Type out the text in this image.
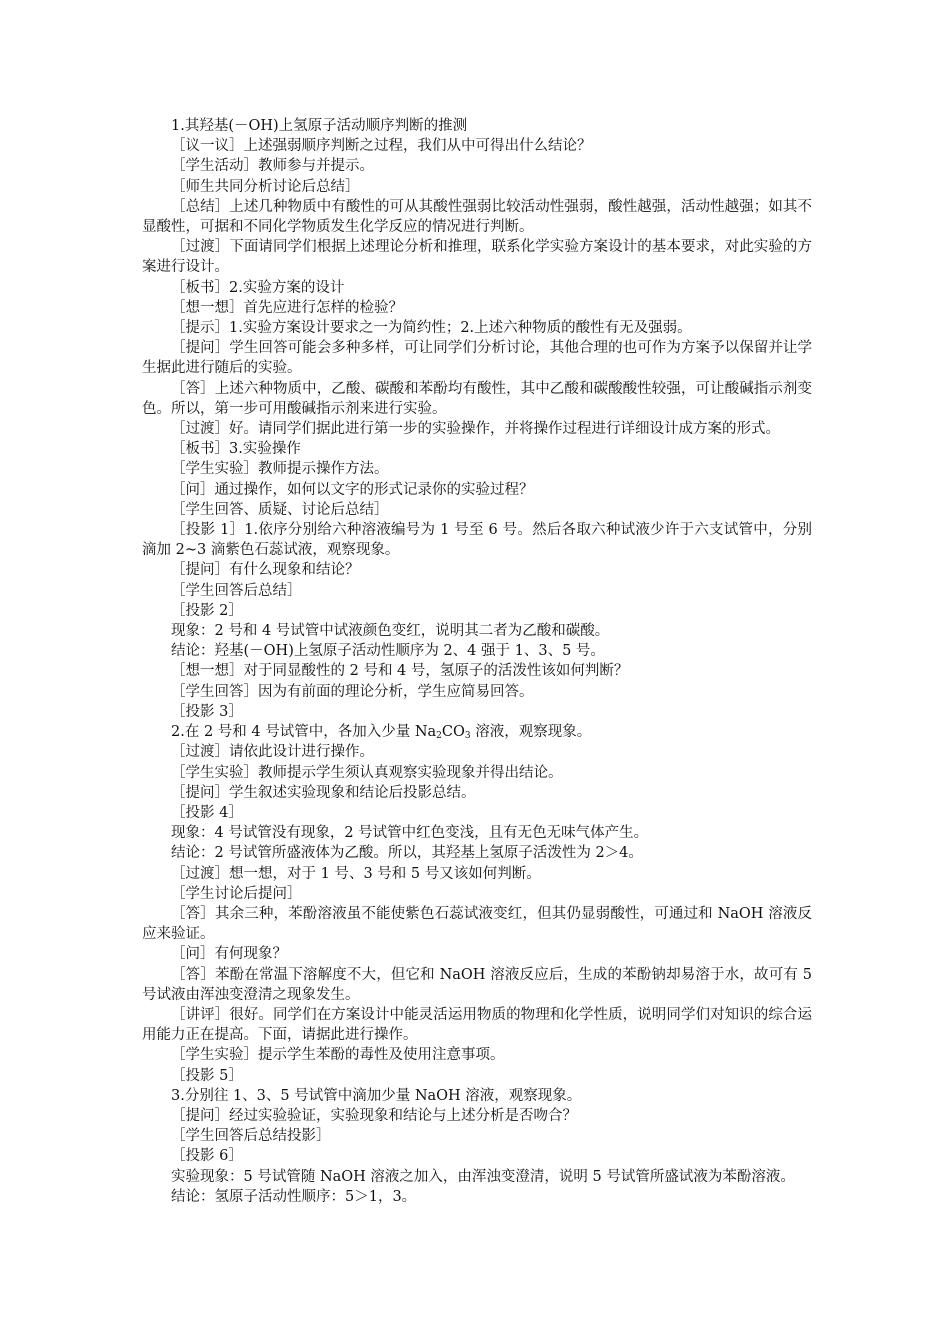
1.其羟基(－OH)上氢原子活动顺序判断的推测

［议一议］上述强弱顺序判断之过程，我们从中可得出什么结论？

［学生活动］教师参与并提示。

［师生共同分析讨论后总结］

［总结］上述几种物质中有酸性的可从其酸性强弱比较活动性强弱，酸性越强，活动性越强；如其不显酸性，可据和不同化学物质发生化学反应的情况进行判断。

［过渡］下面请同学们根据上述理论分析和推理，联系化学实验方案设计的基本要求，对此实验的方案进行设计。

［板书］2.实验方案的设计

［想一想］首先应进行怎样的检验？

［提示］1.实验方案设计要求之一为简约性；2.上述六种物质的酸性有无及强弱。

［提问］学生回答可能会多种多样，可让同学们分析讨论，其他合理的也可作为方案予以保留并让学生据此进行随后的实验。

［答］上述六种物质中，乙酸、碳酸和苯酚均有酸性，其中乙酸和碳酸酸性较强，可让酸碱指示剂变色。所以，第一步可用酸碱指示剂来进行实验。

［过渡］好。请同学们据此进行第一步的实验操作，并将操作过程进行详细设计成方案的形式。

［板书］3.实验操作

［学生实验］教师提示操作方法。

［问］通过操作，如何以文字的形式记录你的实验过程？

［学生回答、质疑、讨论后总结］

［投影 1］1.依序分别给六种溶液编号为 1 号至 6 号。然后各取六种试液少许于六支试管中，分别滴加 2~3 滴紫色石蕊试液，观察现象。

［提问］有什么现象和结论？

［学生回答后总结］

［投影 2］

现象：2 号和 4 号试管中试液颜色变红，说明其二者为乙酸和碳酸。

结论：羟基(－OH)上氢原子活动性顺序为 2、4 强于 1、3、5 号。

［想一想］对于同显酸性的 2 号和 4 号，氢原子的活泼性该如何判断？

［学生回答］因为有前面的理论分析，学生应简易回答。

［投影 3］

2.在 2 号和 4 号试管中，各加入少量 $Na_2CO_3$ 溶液，观察现象。

［过渡］请依此设计进行操作。

［学生实验］教师提示学生须认真观察实验现象并得出结论。

［提问］学生叙述实验现象和结论后投影总结。

［投影 4］

现象：4 号试管没有现象，2 号试管中红色变浅，且有无色无味气体产生。

结论：2 号试管所盛液体为乙酸。所以，其羟基上氢原子活泼性为 2＞4。

［过渡］想一想，对于 1 号、3 号和 5 号又该如何判断。

［学生讨论后提问］

［答］其余三种，苯酚溶液虽不能使紫色石蕊试液变红，但其仍显弱酸性，可通过和 NaOH 溶液反应来验证。

［问］有何现象？

［答］苯酚在常温下溶解度不大，但它和 NaOH 溶液反应后，生成的苯酚钠却易溶于水，故可有 5 号试液由浑浊变澄清之现象发生。

［讲评］很好。同学们在方案设计中能灵活运用物质的物理和化学性质，说明同学们对知识的综合运用能力正在提高。下面，请据此进行操作。

［学生实验］提示学生苯酚的毒性及使用注意事项。

［投影 5］

3.分别往 1、3、5 号试管中滴加少量 NaOH 溶液，观察现象。

［提问］经过实验验证，实验现象和结论与上述分析是否吻合？

［学生回答后总结投影］

［投影 6］

实验现象：5 号试管随 NaOH 溶液之加入，由浑浊变澄清，说明 5 号试管所盛试液为苯酚溶液。

结论：氢原子活动性顺序：5＞1，3。
